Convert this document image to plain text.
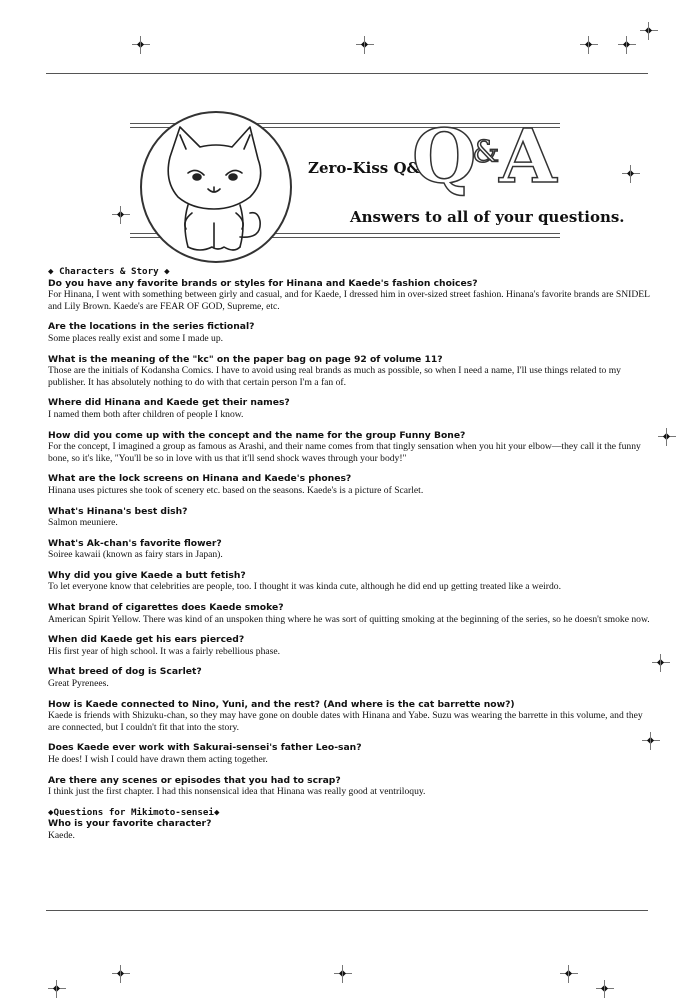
Zero-Kiss Q&A
Q&A
Answers to all of your questions.
◆ Characters & Story ◆
Do you have any favorite brands or styles for Hinana and Kaede's fashion choices?
For Hinana, I went with something between girly and casual, and for Kaede, I dressed him in over-sized street fashion. Hinana's favorite brands are SNIDEL and Lily Brown. Kaede's are FEAR OF GOD, Supreme, etc.
Are the locations in the series fictional?
Some places really exist and some I made up.
What is the meaning of the "kc" on the paper bag on page 92 of volume 11?
Those are the initials of Kodansha Comics. I have to avoid using real brands as much as possible, so when I need a name, I'll use things related to my publisher. It has absolutely nothing to do with that certain person I'm a fan of.
Where did Hinana and Kaede get their names?
I named them both after children of people I know.
How did you come up with the concept and the name for the group Funny Bone?
For the concept, I imagined a group as famous as Arashi, and their name comes from that tingly sensation when you hit your elbow—they call it the funny bone, so it's like, "You'll be so in love with us that it'll send shock waves through your body!"
What are the lock screens on Hinana and Kaede's phones?
Hinana uses pictures she took of scenery etc. based on the seasons. Kaede's is a picture of Scarlet.
What's Hinana's best dish?
Salmon meuniere.
What's Ak-chan's favorite flower?
Soiree kawaii (known as fairy stars in Japan).
Why did you give Kaede a butt fetish?
To let everyone know that celebrities are people, too. I thought it was kinda cute, although he did end up getting treated like a weirdo.
What brand of cigarettes does Kaede smoke?
American Spirit Yellow. There was kind of an unspoken thing where he was sort of quitting smoking at the beginning of the series, so he doesn't smoke now.
When did Kaede get his ears pierced?
His first year of high school. It was a fairly rebellious phase.
What breed of dog is Scarlet?
Great Pyrenees.
How is Kaede connected to Nino, Yuni, and the rest? (And where is the cat barrette now?)
Kaede is friends with Shizuku-chan, so they may have gone on double dates with Hinana and Yabe. Suzu was wearing the barrette in this volume, and they are connected, but I couldn't fit that into the story.
Does Kaede ever work with Sakurai-sensei's father Leo-san?
He does! I wish I could have drawn them acting together.
Are there any scenes or episodes that you had to scrap?
I think just the first chapter. I had this nonsensical idea that Hinana was really good at ventriloquy.
◆Questions for Mikimoto-sensei◆
Who is your favorite character?
Kaede.
